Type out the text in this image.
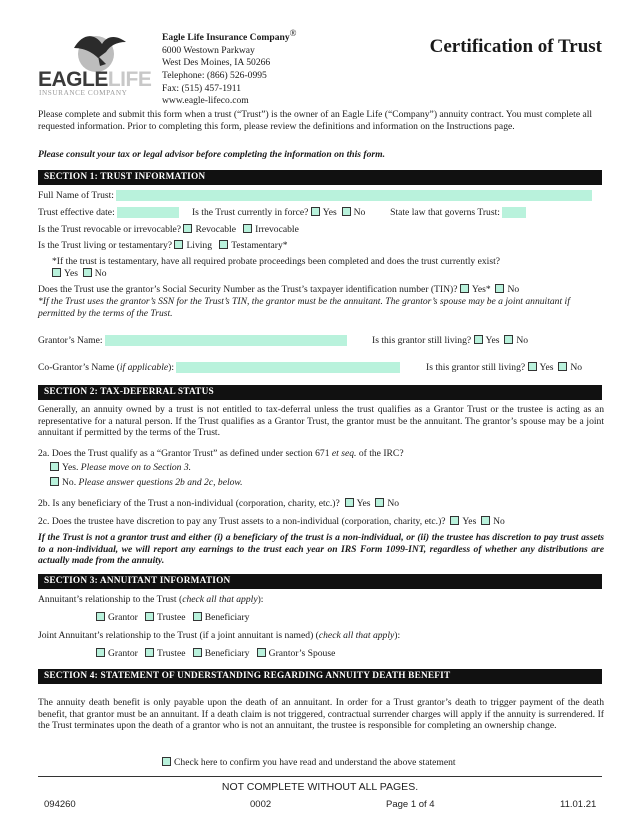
EAGLELIFE
INSURANCE COMPANY
Eagle Life Insurance Company®
6000 Westown Parkway
West Des Moines, IA 50266
Telephone: (866) 526-0995
Fax: (515) 457-1911
www.eagle-lifeco.com
Certification of Trust
Please complete and submit this form when a trust (“Trust”) is the owner of an Eagle Life (“Company”) annuity contract. You must complete all requested information. Prior to completing this form, please review the definitions and information on the Instructions page.
Please consult your tax or legal advisor before completing the information on this form.
SECTION 1: TRUST INFORMATION
Full Name of Trust:
Trust effective date:	Is the Trust currently in force? Yes No	State law that governs Trust:
Is the Trust revocable or irrevocable? Revocable Irrevocable
Is the Trust living or testamentary? Living Testamentary*
*If the trust is testamentary, have all required probate proceedings been completed and does the trust currently exist?
Yes No
Does the Trust use the grantor’s Social Security Number as the Trust’s taxpayer identification number (TIN)? Yes* No
*If the Trust uses the grantor’s SSN for the Trust’s TIN, the grantor must be the annuitant. The grantor’s spouse may be a joint annuitant if permitted by the terms of the Trust.
Grantor’s Name:	Is this grantor still living? Yes No
Co-Grantor’s Name (if applicable):	Is this grantor still living? Yes No
SECTION 2: TAX-DEFERRAL STATUS
Generally, an annuity owned by a trust is not entitled to tax-deferral unless the trust qualifies as a Grantor Trust or the trustee is acting as an representative for a natural person. If the Trust qualifies as a Grantor Trust, the grantor must be the annuitant. The grantor’s spouse may be a joint annuitant if permitted by the terms of the Trust.
2a. Does the Trust qualify as a “Grantor Trust” as defined under section 671 et seq. of the IRC?
Yes. Please move on to Section 3.
No. Please answer questions 2b and 2c, below.
2b. Is any beneficiary of the Trust a non-individual (corporation, charity, etc.)? Yes No
2c. Does the trustee have discretion to pay any Trust assets to a non-individual (corporation, charity, etc.)? Yes No
If the Trust is not a grantor trust and either (i) a beneficiary of the trust is a non-individual, or (ii) the trustee has discretion to pay trust assets to a non-individual, we will report any earnings to the trust each year on IRS Form 1099-INT, regardless of whether any distributions are actually made from the annuity.
SECTION 3: ANNUITANT INFORMATION
Annuitant’s relationship to the Trust (check all that apply):
Grantor Trustee Beneficiary
Joint Annuitant’s relationship to the Trust (if a joint annuitant is named) (check all that apply):
Grantor Trustee Beneficiary Grantor’s Spouse
SECTION 4: STATEMENT OF UNDERSTANDING REGARDING ANNUITY DEATH BENEFIT
The annuity death benefit is only payable upon the death of an annuitant. In order for a Trust grantor’s death to trigger payment of the death benefit, that grantor must be an annuitant. If a death claim is not triggered, contractual surrender charges will apply if the annuity is surrendered. If the Trust terminates upon the death of a grantor who is not an annuitant, the trustee is responsible for completing an ownership change.
Check here to confirm you have read and understand the above statement
NOT COMPLETE WITHOUT ALL PAGES.
094260	0002	Page 1 of 4	11.01.21
